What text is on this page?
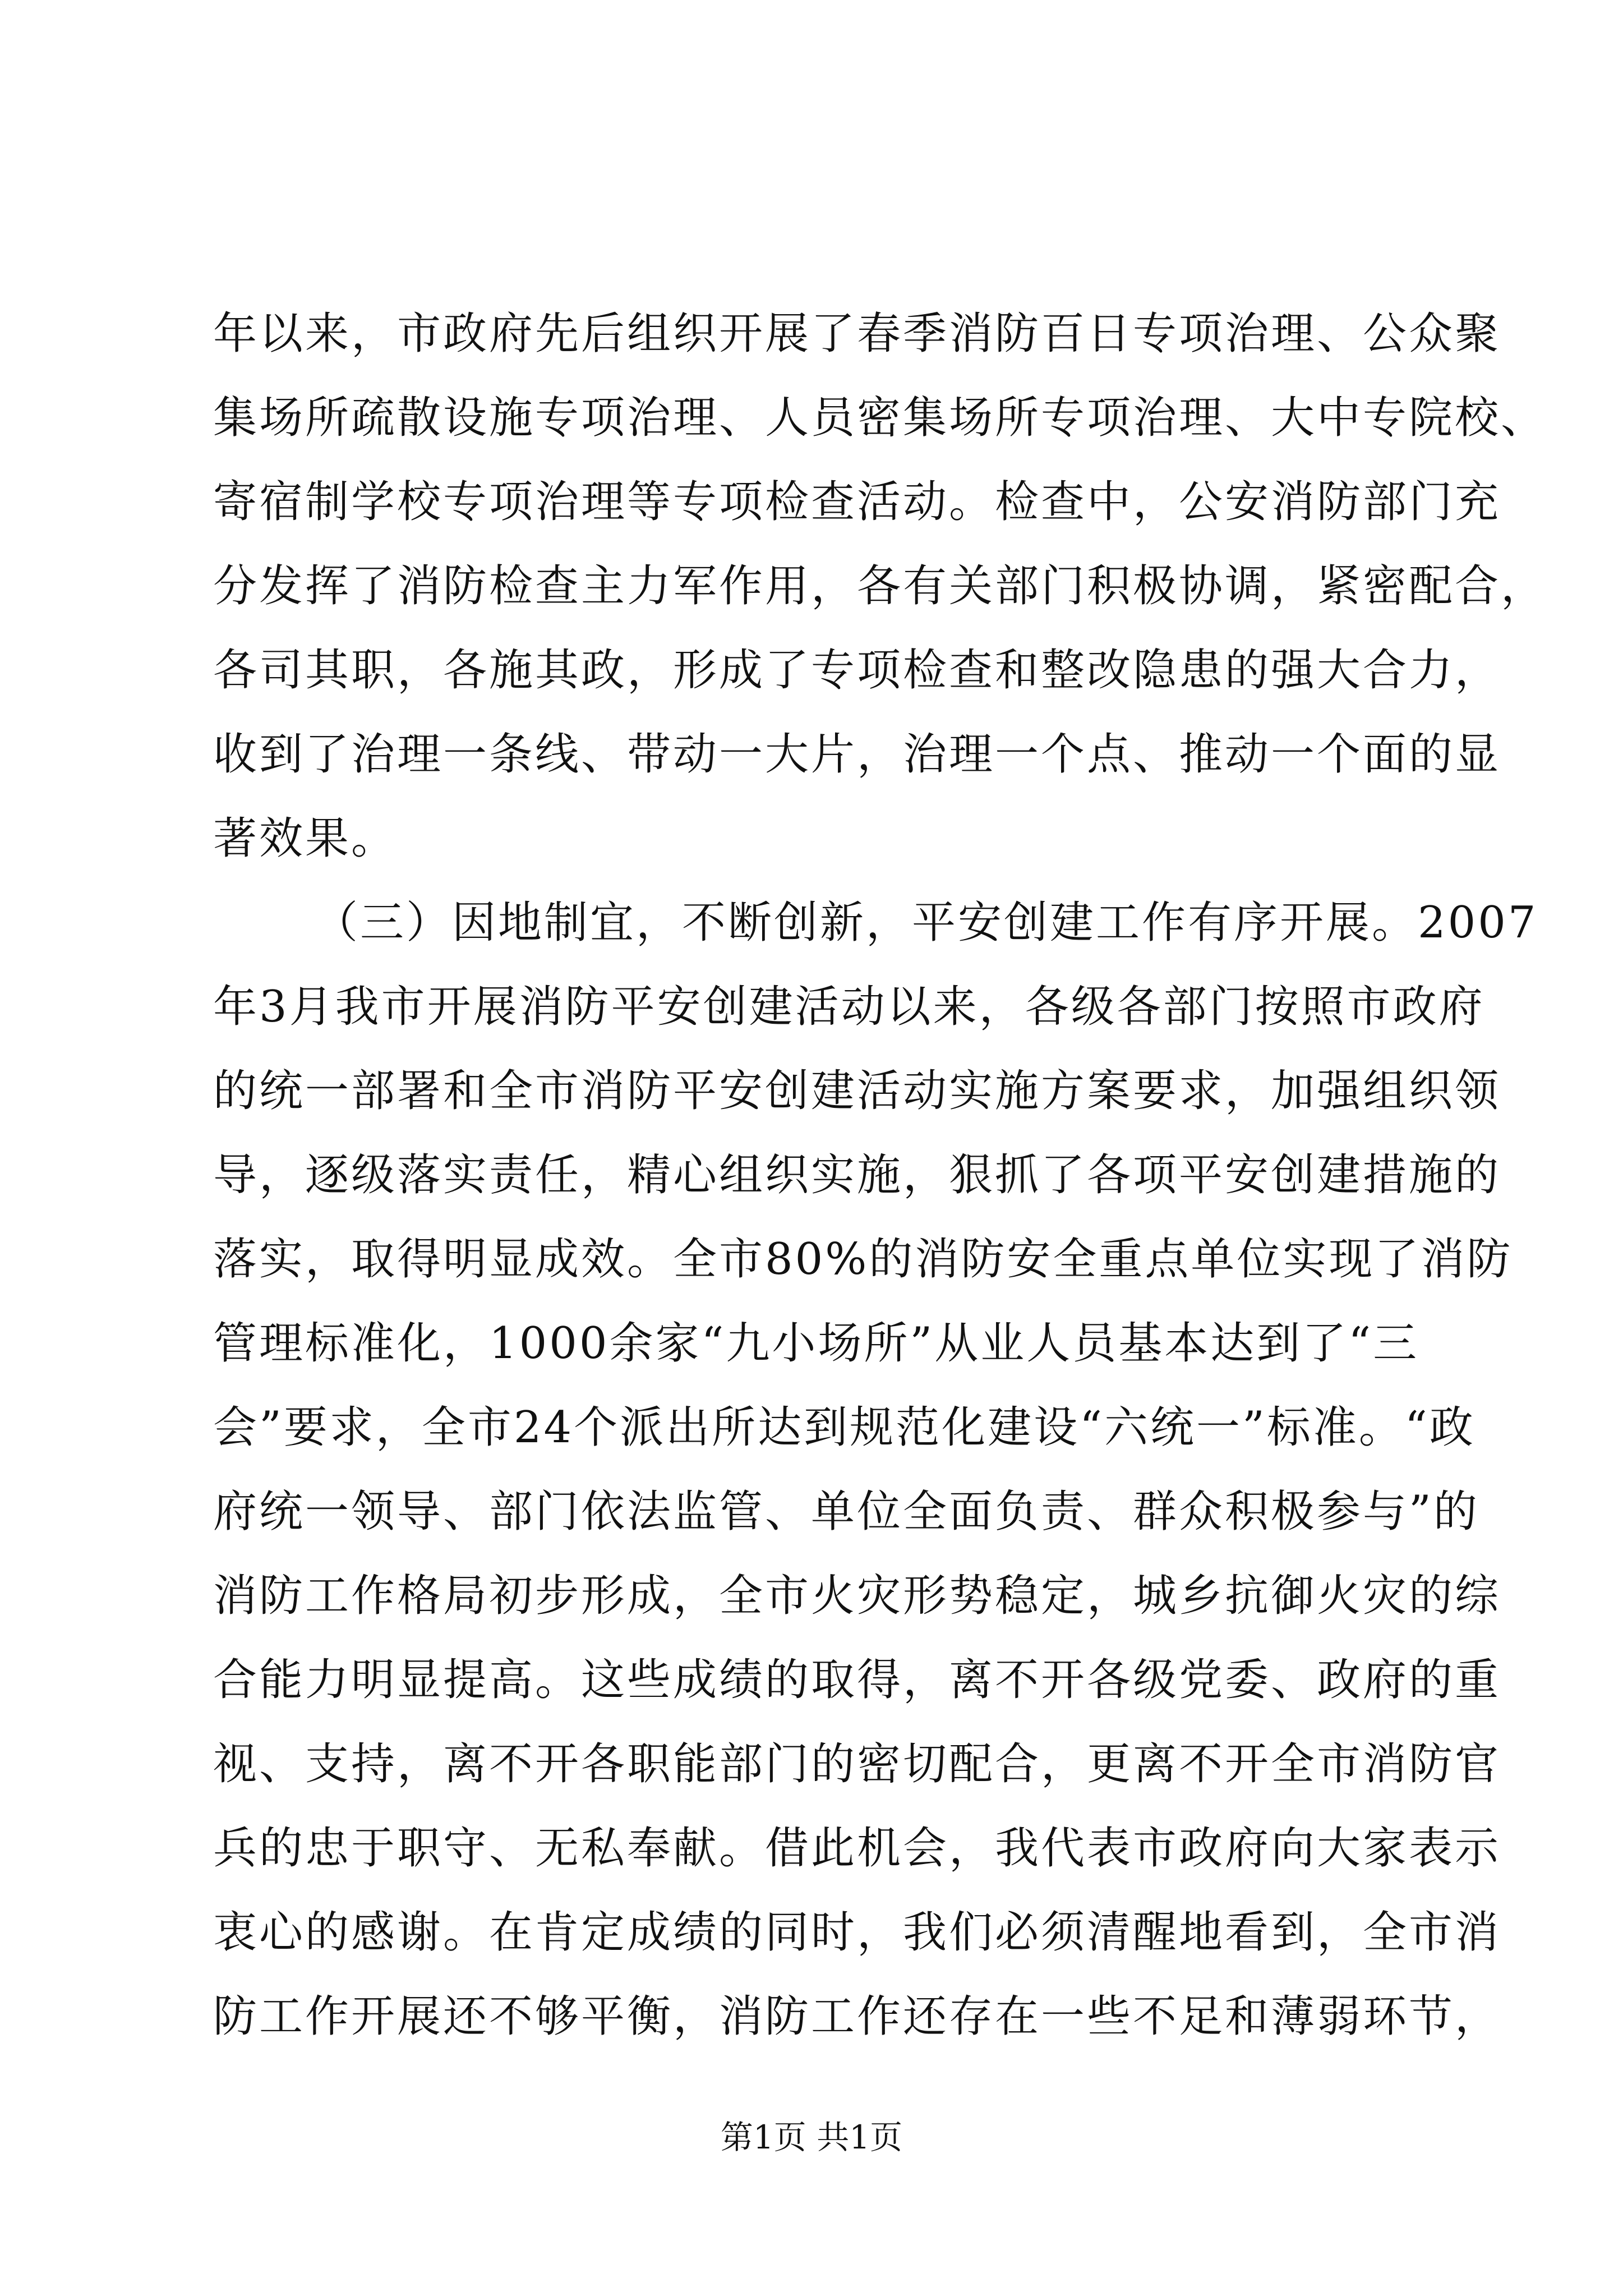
年以来，市政府先后组织开展了春季消防百日专项治理、公众聚
集场所疏散设施专项治理、人员密集场所专项治理、大中专院校、
寄宿制学校专项治理等专项检查活动。检查中，公安消防部门充
分发挥了消防检查主力军作用，各有关部门积极协调，紧密配合，
各司其职，各施其政，形成了专项检查和整改隐患的强大合力，
收到了治理一条线、带动一大片，治理一个点、推动一个面的显
著效果。
（三）因地制宜，不断创新，平安创建工作有序开展。2007
年3月我市开展消防平安创建活动以来，各级各部门按照市政府
的统一部署和全市消防平安创建活动实施方案要求，加强组织领
导，逐级落实责任，精心组织实施，狠抓了各项平安创建措施的
落实，取得明显成效。全市80%的消防安全重点单位实现了消防
管理标准化，1000余家“九小场所”从业人员基本达到了“三
会”要求，全市24个派出所达到规范化建设“六统一”标准。“政
府统一领导、部门依法监管、单位全面负责、群众积极参与”的
消防工作格局初步形成，全市火灾形势稳定，城乡抗御火灾的综
合能力明显提高。这些成绩的取得，离不开各级党委、政府的重
视、支持，离不开各职能部门的密切配合，更离不开全市消防官
兵的忠于职守、无私奉献。借此机会，我代表市政府向大家表示
衷心的感谢。在肯定成绩的同时，我们必须清醒地看到，全市消
防工作开展还不够平衡，消防工作还存在一些不足和薄弱环节，
第1页 共1页
